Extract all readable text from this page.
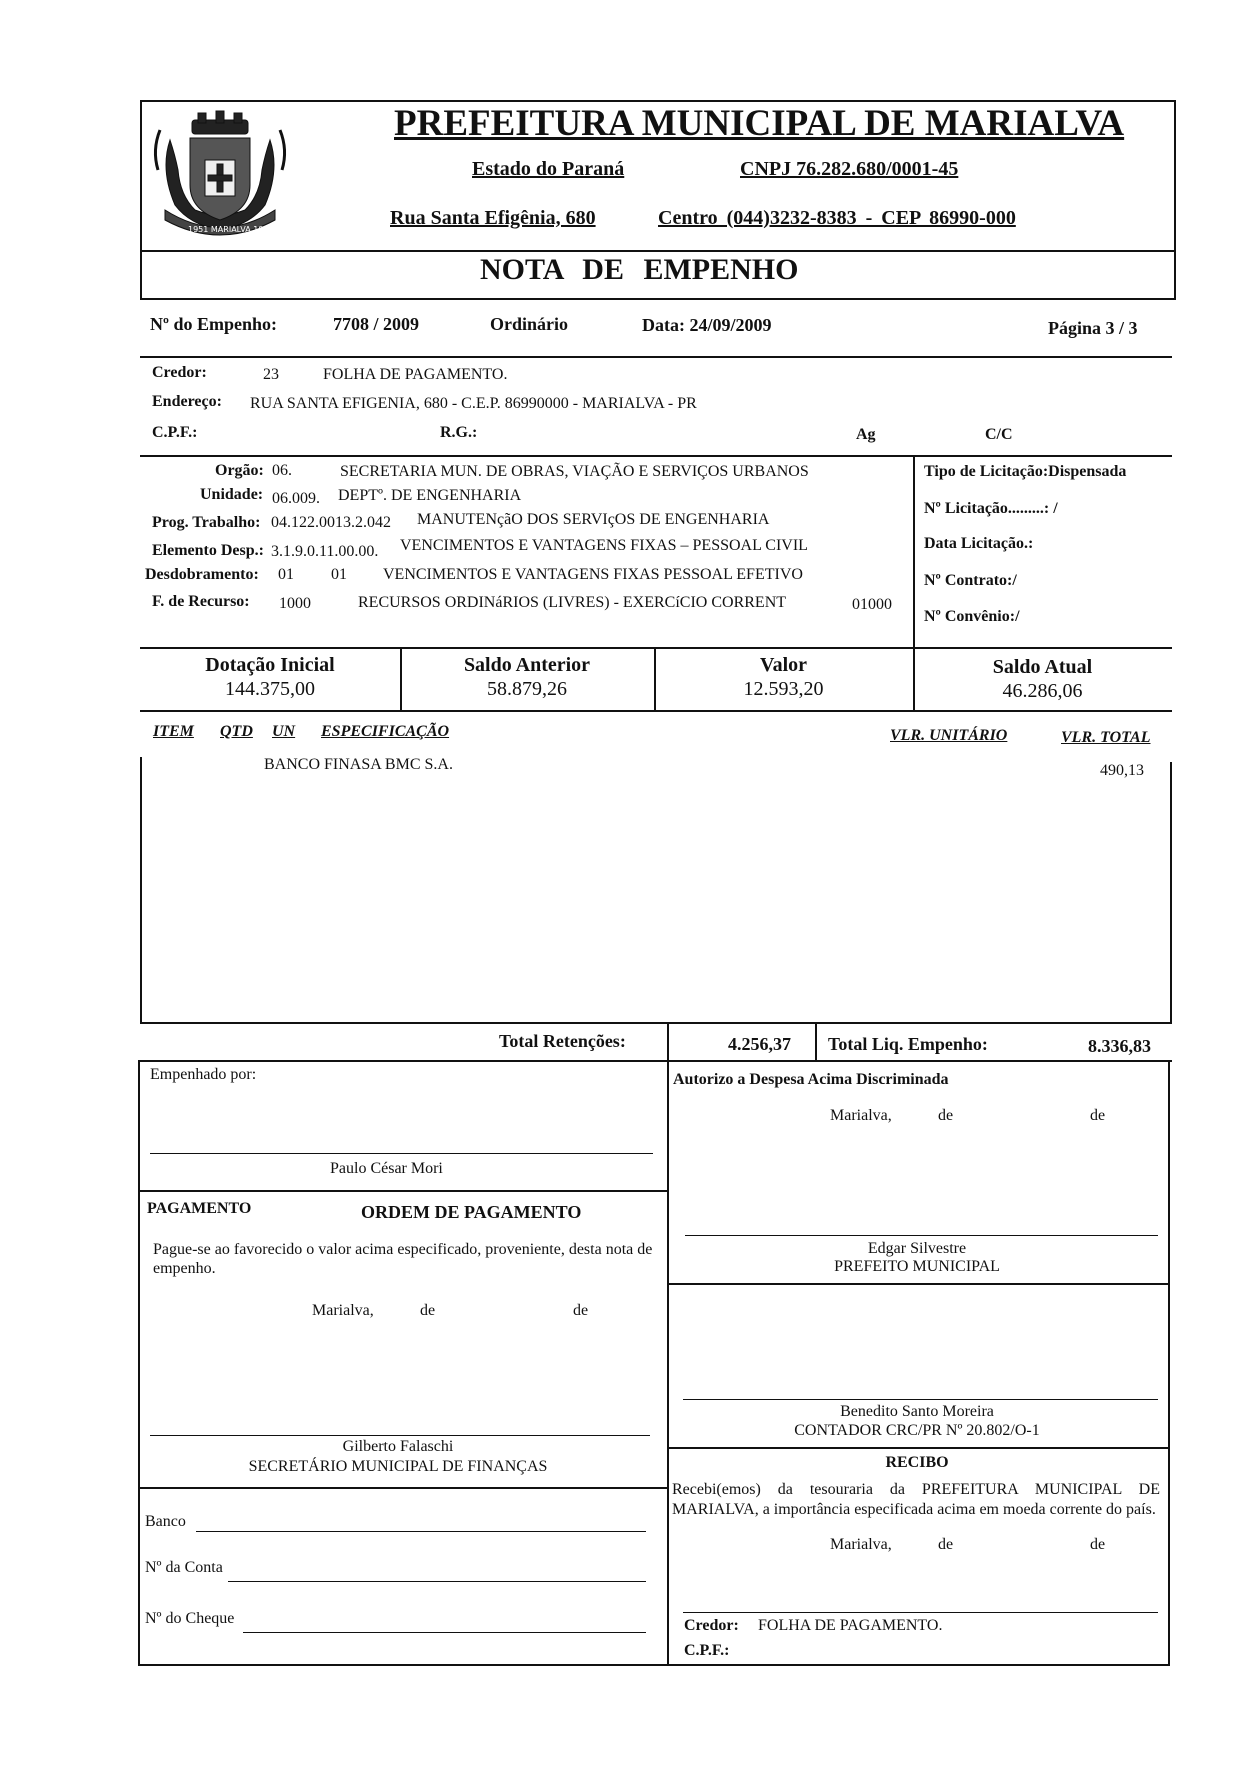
1951 MARIALVA 1952
PREFEITURA MUNICIPAL DE MARIALVA
Estado do Paraná	CNPJ 76.282.680/0001-45
Rua Santa Efigênia, 680	Centro (044)3232-8383 - CEP 86990-000
NOTA DE EMPENHO
Nº do Empenho:	7708 / 2009	Ordinário	Data: 24/09/2009	Página 3 / 3
Credor:	23	FOLHA DE PAGAMENTO.
Endereço: RUA SANTA EFIGENIA, 680 - C.E.P. 86990000 - MARIALVA - PR
C.P.F.:	R.G.:	Ag	C/C
Orgão: 06.	SECRETARIA MUN. DE OBRAS, VIAÇÃO E SERVIÇOS URBANOS
Unidade: 06.009. DEPTº. DE ENGENHARIA
Prog. Trabalho: 04.122.0013.2.042 MANUTENçãO DOS SERVIçOS DE ENGENHARIA
Elemento Desp.: 3.1.9.0.11.00.00. VENCIMENTOS E VANTAGENS FIXAS – PESSOAL CIVIL
Desdobramento: 01 01 VENCIMENTOS E VANTAGENS FIXAS PESSOAL EFETIVO
F. de Recurso: 1000	RECURSOS ORDINáRIOS (LIVRES) - EXERCíCIO CORRENT	01000
Tipo de Licitação:Dispensada
Nº Licitação.........: /
Data Licitação.:
Nº Contrato:/
Nº Convênio:/
Dotação Inicial
144.375,00
Saldo Anterior
58.879,26
Valor
12.593,20
Saldo Atual
46.286,06
ITEM QTD UN ESPECIFICAÇÃO	VLR. UNITÁRIO	VLR. TOTAL
BANCO FINASA BMC S.A.	490,13
Total Retenções:	4.256,37 Total Liq. Empenho:	8.336,83
Empenhado por:
Paulo César Mori
PAGAMENTO	ORDEM DE PAGAMENTO
Pague-se ao favorecido o valor acima especificado, proveniente, desta nota de empenho.
Marialva,	de	de
Gilberto Falaschi
SECRETÁRIO MUNICIPAL DE FINANÇAS
Banco
Nº da Conta
Nº do Cheque
Autorizo a Despesa Acima Discriminada
Marialva,	de	de
Edgar Silvestre
PREFEITO MUNICIPAL
Benedito Santo Moreira
CONTADOR CRC/PR Nº 20.802/O-1
RECIBO
Recebi(emos) da tesouraria da PREFEITURA MUNICIPAL DE MARIALVA, a importância especificada acima em moeda corrente do país.
Marialva,	de	de
Credor: FOLHA DE PAGAMENTO.
C.P.F.:
